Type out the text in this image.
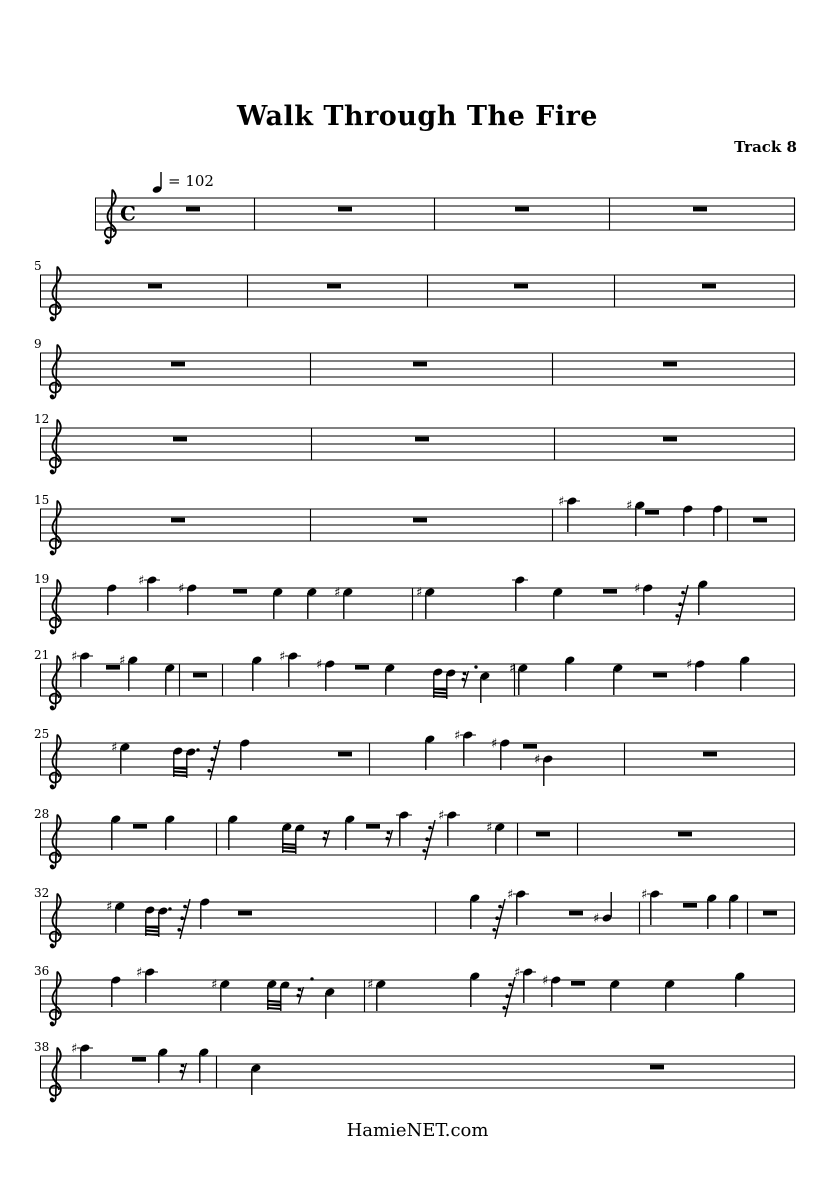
Walk Through The Fire
Track 8
= 102
C
5
9
12
15	♯	♯
19	♯
♯	♯	♯	♯
21 ♯	♯	♯
♯	♯	♯
25
♯
♯
♯
♯
28	♯
♯
32
♯
♯
♯
♯
36	♯
♯	♯
♯
♯
38 ♯
HamieNET.com
